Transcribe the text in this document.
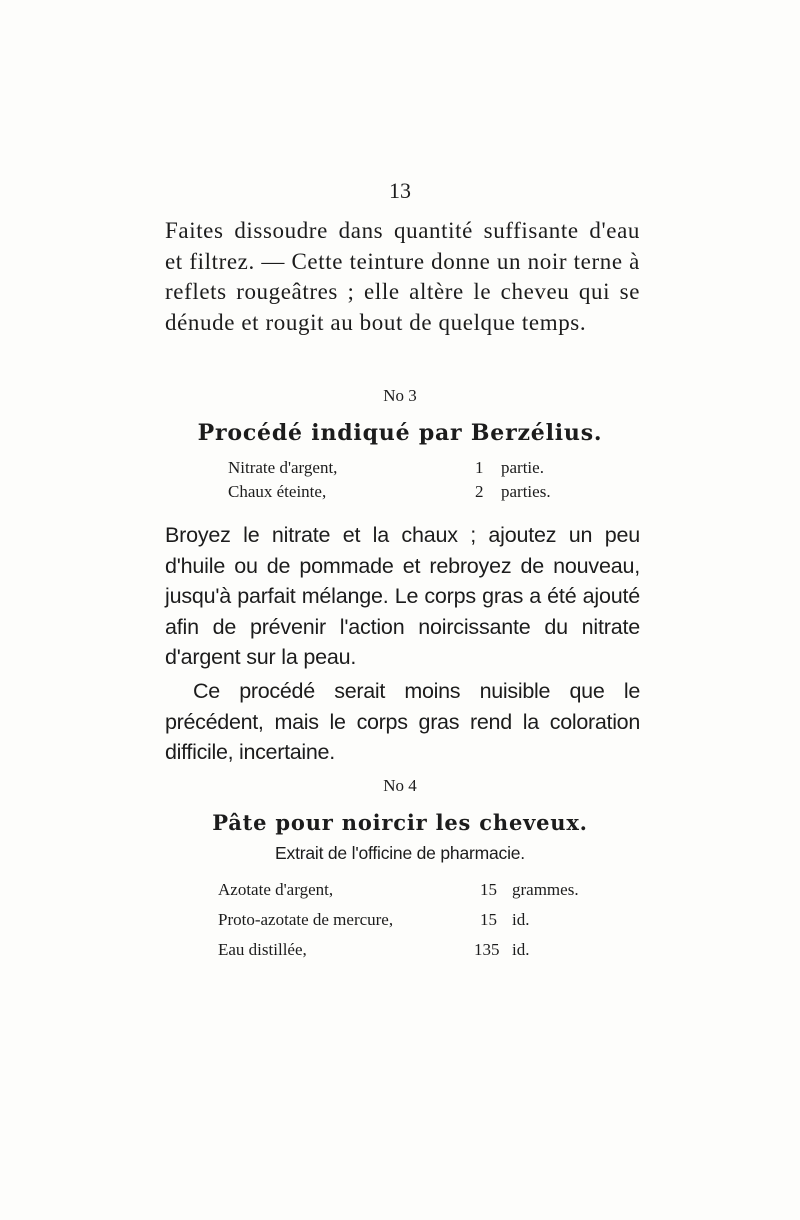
13

Faites dissoudre dans quantité suffisante d'eau et filtrez. — Cette teinture donne un noir terne à reflets rougeâtres ; elle altère le cheveu qui se dénude et rougit au bout de quelque temps.

No 3

Procédé indiqué par Berzélius.

Nitrate d'argent,	1 partie.
Chaux éteinte,	2 parties.

Broyez le nitrate et la chaux ; ajoutez un peu d'huile ou de pommade et rebroyez de nouveau, jusqu'à parfait mélange. Le corps gras a été ajouté afin de prévenir l'action noircissante du nitrate d'argent sur la peau.

Ce procédé serait moins nuisible que le précédent, mais le corps gras rend la coloration difficile, incertaine.

No 4

Pâte pour noircir les cheveux.

Extrait de l'officine de pharmacie.

Azotate d'argent,	15 grammes.
Proto-azotate de mercure,	15 id.
Eau distillée,	135 id.
